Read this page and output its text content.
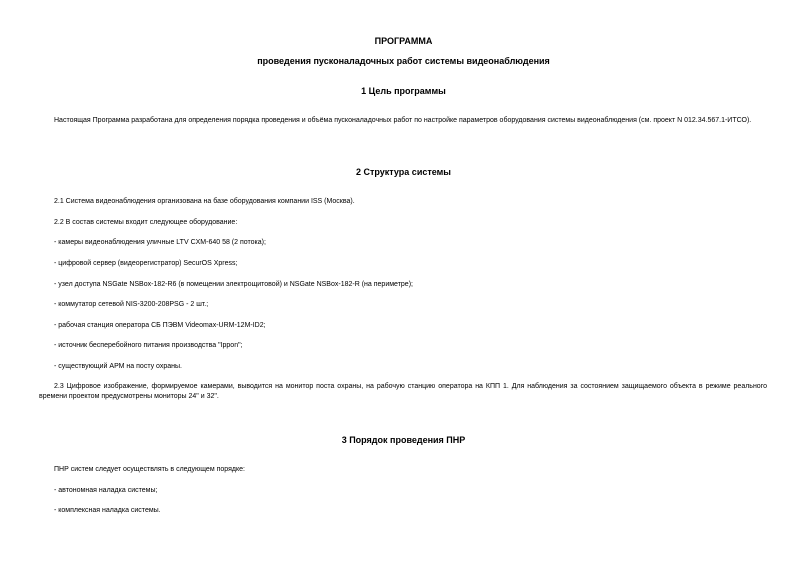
ПРОГРАММА
проведения пусконаладочных работ системы видеонаблюдения
1 Цель программы
Настоящая Программа разработана для определения порядка проведения и объёма пусконаладочных работ по настройке параметров оборудования системы видеонаблюдения (см. проект N 012.34.567.1-ИТСО).
2 Структура системы
2.1 Система видеонаблюдения организована на базе оборудования компании ISS (Москва).
2.2 В состав системы входит следующее оборудование:
- камеры видеонаблюдения уличные LTV CXM-640 58 (2 потока);
- цифровой сервер (видеорегистратор) SecurOS Xpress;
- узел доступа NSGate NSBox-182-R6 (в помещении электрощитовой) и NSGate NSBox-182-R (на периметре);
- коммутатор сетевой NIS-3200-208PSG - 2 шт.;
- рабочая станция оператора СБ ПЭВМ Videomax-URM-12M-ID2;
- источник бесперебойного питания производства "Ippon";
- существующий АРМ на посту охраны.
2.3 Цифровое изображение, формируемое камерами, выводится на монитор поста охраны, на рабочую станцию оператора на КПП 1. Для наблюдения за состоянием защищаемого объекта в режиме реального времени проектом предусмотрены мониторы 24" и 32".
3 Порядок проведения ПНР
ПНР систем следует осуществлять в следующем порядке:
- автономная наладка системы;
- комплексная наладка системы.
